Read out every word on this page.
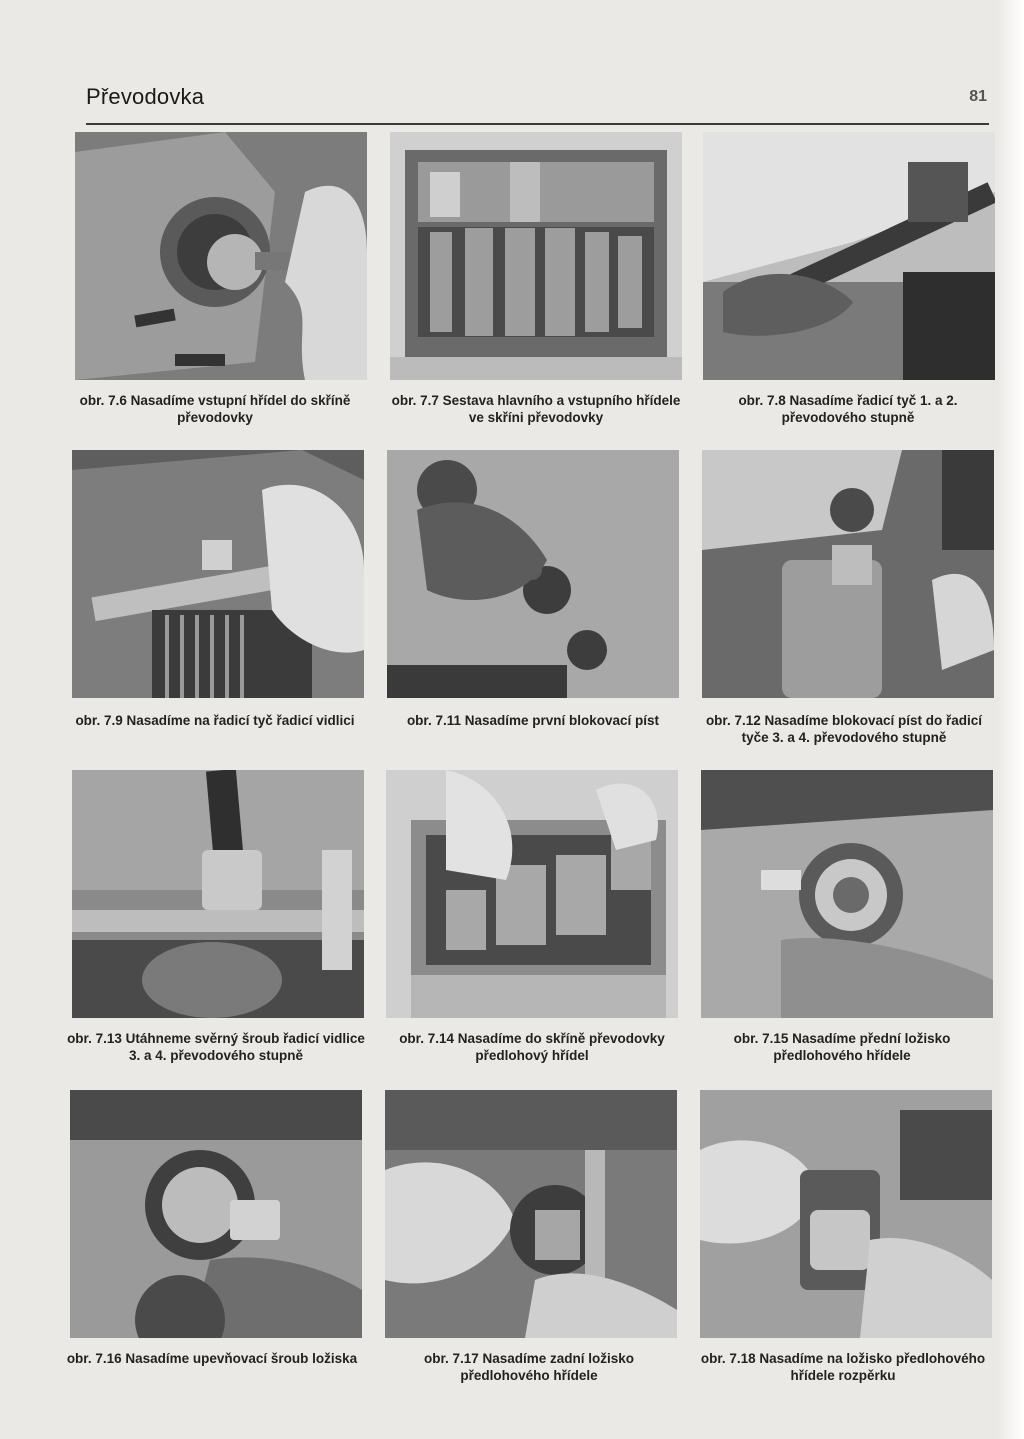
Převodovka	81
obr. 7.6 Nasadíme vstupní hřídel do skříně převodovky
obr. 7.7 Sestava hlavního a vstupního hřídele ve skříni převodovky
obr. 7.8 Nasadíme řadicí tyč 1. a 2. převodového stupně
obr. 7.9 Nasadíme na řadicí tyč řadicí vidlici	obr. 7.11 Nasadíme první blokovací píst	obr. 7.12 Nasadíme blokovací píst do řadicí tyče 3. a 4. převodového stupně
obr. 7.13 Utáhneme svěrný šroub řadicí vidlice 3. a 4. převodového stupně
obr. 7.14 Nasadíme do skříně převodovky předlohový hřídel
obr. 7.15 Nasadíme přední ložisko předlohového hřídele
obr. 7.16 Nasadíme upevňovací šroub ložiska	obr. 7.17 Nasadíme zadní ložisko předlohového hřídele
obr. 7.18 Nasadíme na ložisko předlohového hřídele rozpěrku
